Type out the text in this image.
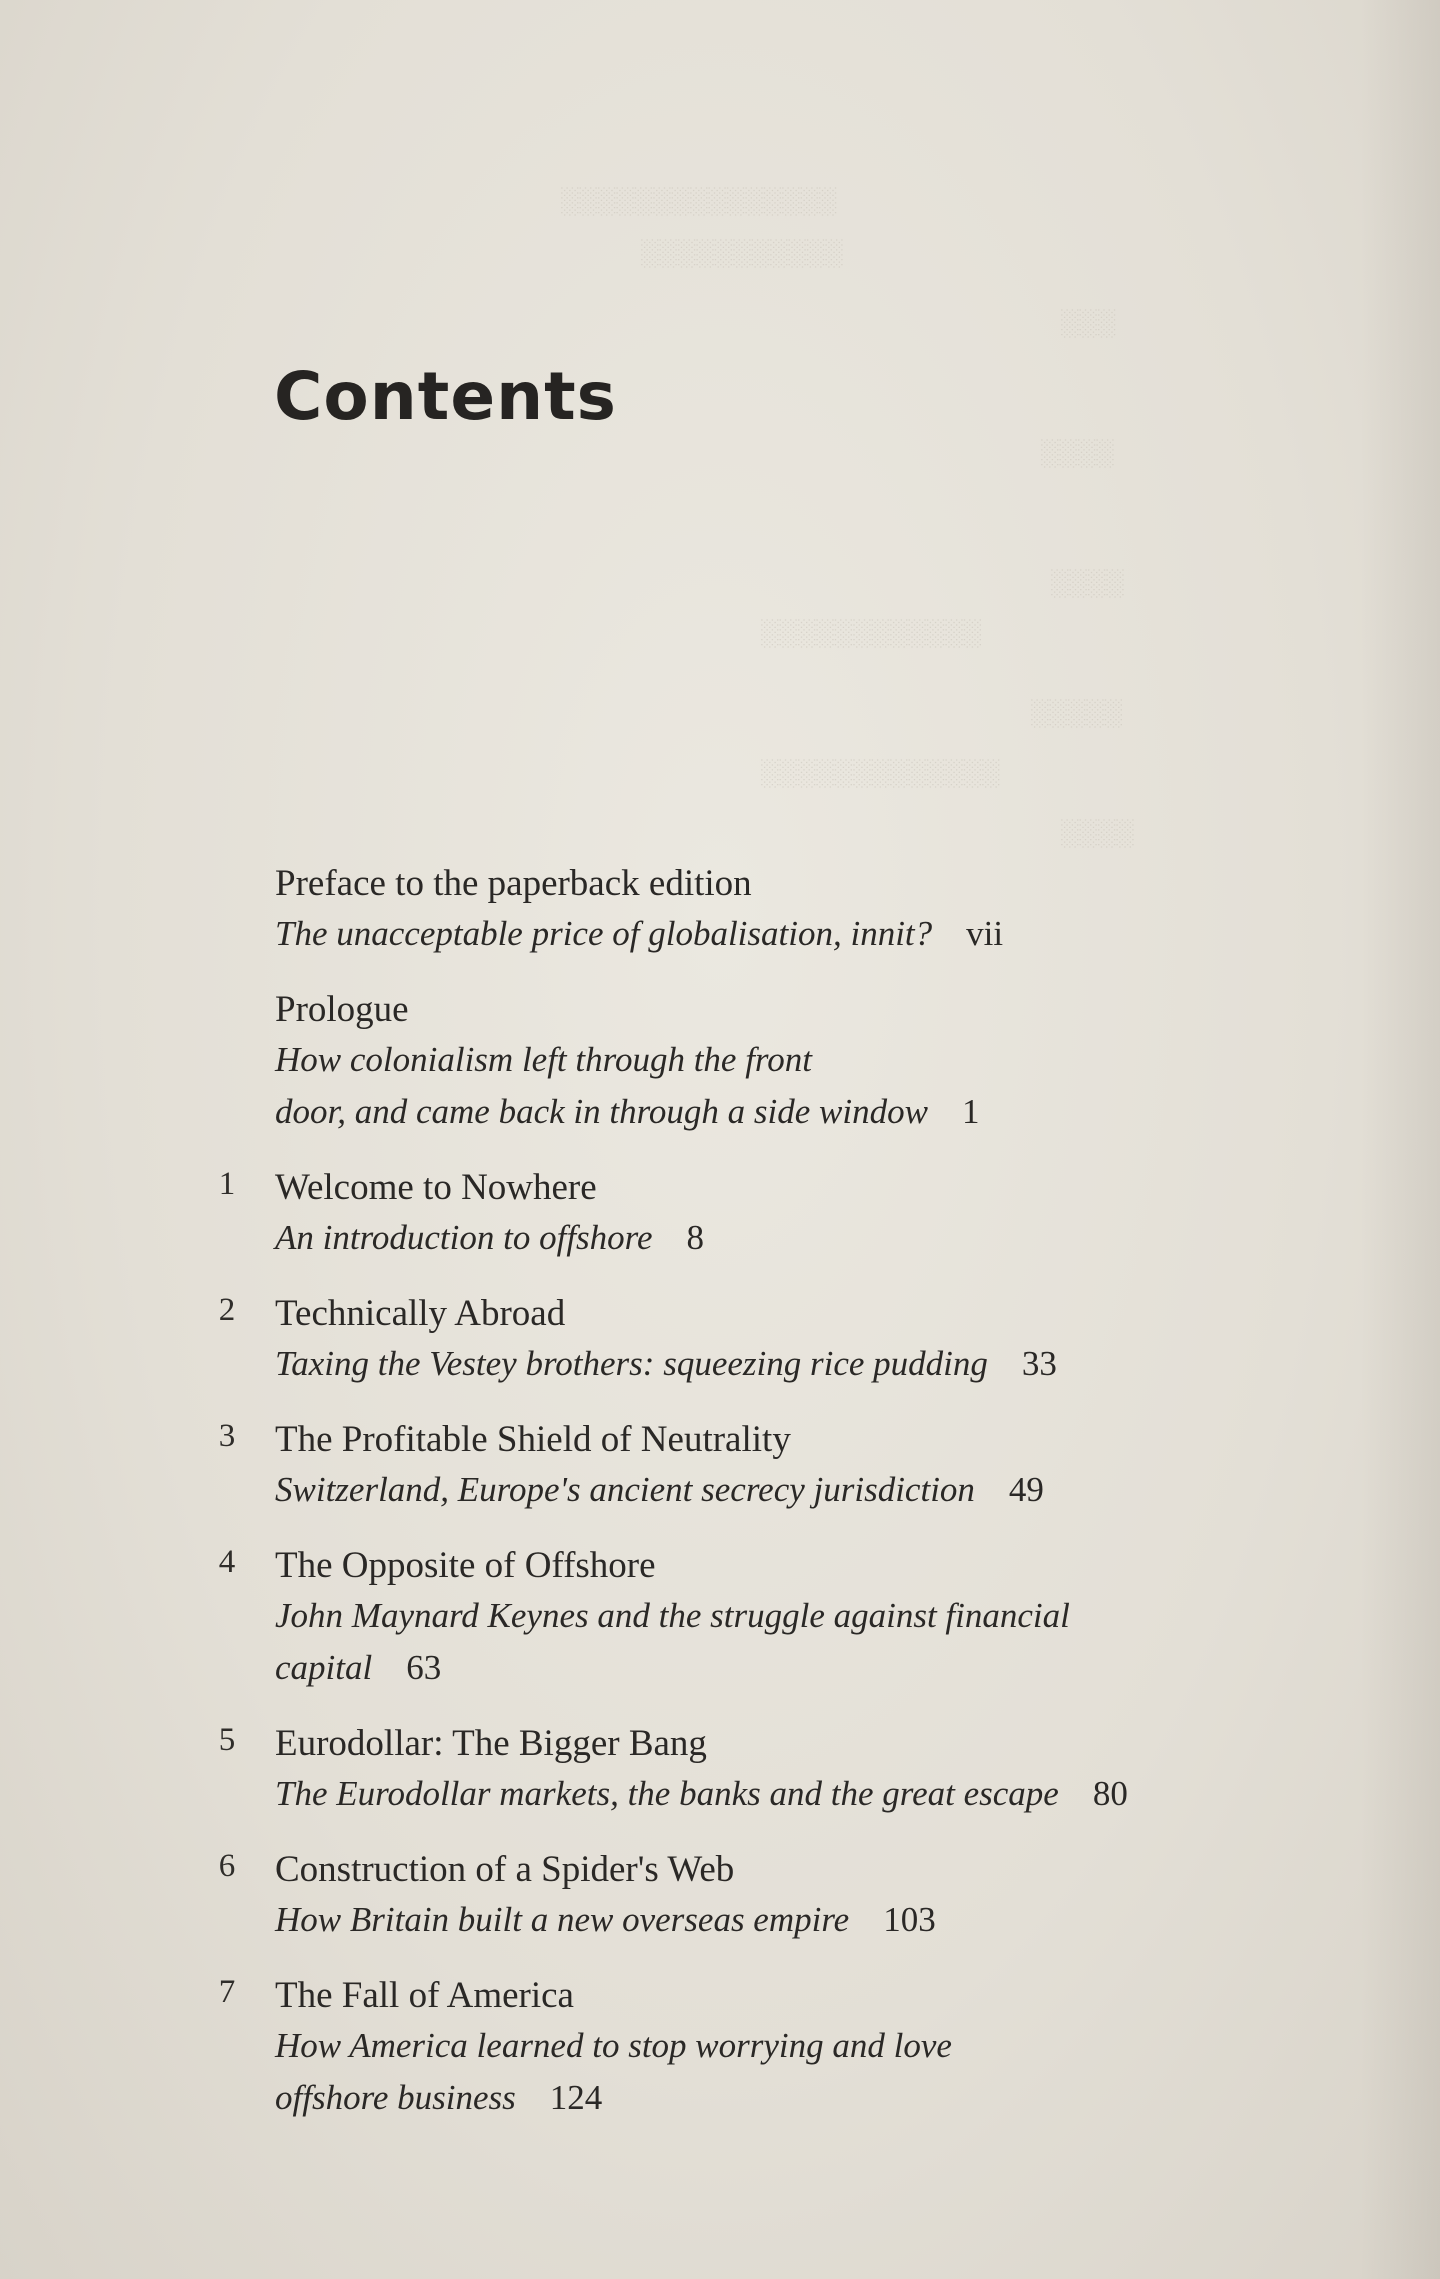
░░░░░░░░░░░░░░░
░░░░░░░░░░░
░░░
░░░░
░░░░
░░░░░░░░░░░░
░░░░░
░░░░░░░░░░░░░
░░░░
Contents
Preface to the paperback edition
The unacceptable price of globalisation, innit? vii
Prologue
How colonialism left through the front
door, and came back in through a side window 1
1 Welcome to Nowhere
An introduction to offshore 8
2 Technically Abroad
Taxing the Vestey brothers: squeezing rice pudding 33
3 The Profitable Shield of Neutrality
Switzerland, Europe's ancient secrecy jurisdiction 49
4 The Opposite of Offshore
John Maynard Keynes and the struggle against financial
capital 63
5 Eurodollar: The Bigger Bang
The Eurodollar markets, the banks and the great escape 80
6 Construction of a Spider's Web
How Britain built a new overseas empire 103
7 The Fall of America
How America learned to stop worrying and love
offshore business 124
